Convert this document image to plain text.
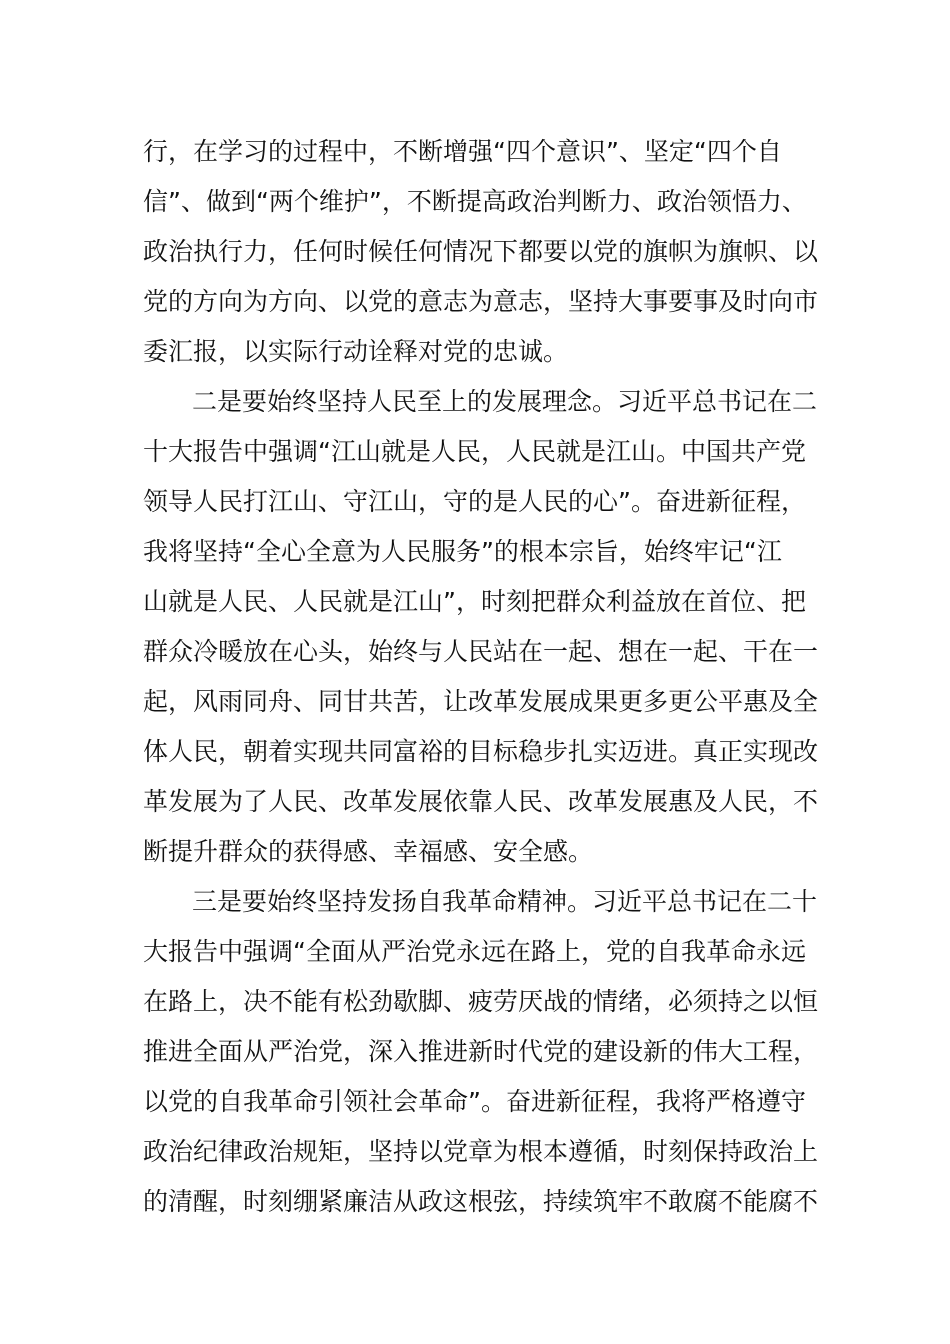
行，在学习的过程中，不断增强“四个意识”、坚定“四个自
信”、做到“两个维护”，不断提高政治判断力、政治领悟力、
政治执行力，任何时候任何情况下都要以党的旗帜为旗帜、以
党的方向为方向、以党的意志为意志，坚持大事要事及时向市
委汇报，以实际行动诠释对党的忠诚。
二是要始终坚持人民至上的发展理念。习近平总书记在二
十大报告中强调“江山就是人民，人民就是江山。中国共产党
领导人民打江山、守江山，守的是人民的心”。奋进新征程，
我将坚持“全心全意为人民服务”的根本宗旨，始终牢记“江
山就是人民、人民就是江山”，时刻把群众利益放在首位、把
群众冷暖放在心头，始终与人民站在一起、想在一起、干在一
起，风雨同舟、同甘共苦，让改革发展成果更多更公平惠及全
体人民，朝着实现共同富裕的目标稳步扎实迈进。真正实现改
革发展为了人民、改革发展依靠人民、改革发展惠及人民，不
断提升群众的获得感、幸福感、安全感。
三是要始终坚持发扬自我革命精神。习近平总书记在二十
大报告中强调“全面从严治党永远在路上，党的自我革命永远
在路上，决不能有松劲歇脚、疲劳厌战的情绪，必须持之以恒
推进全面从严治党，深入推进新时代党的建设新的伟大工程，
以党的自我革命引领社会革命”。奋进新征程，我将严格遵守
政治纪律政治规矩，坚持以党章为根本遵循，时刻保持政治上
的清醒，时刻绷紧廉洁从政这根弦，持续筑牢不敢腐不能腐不
